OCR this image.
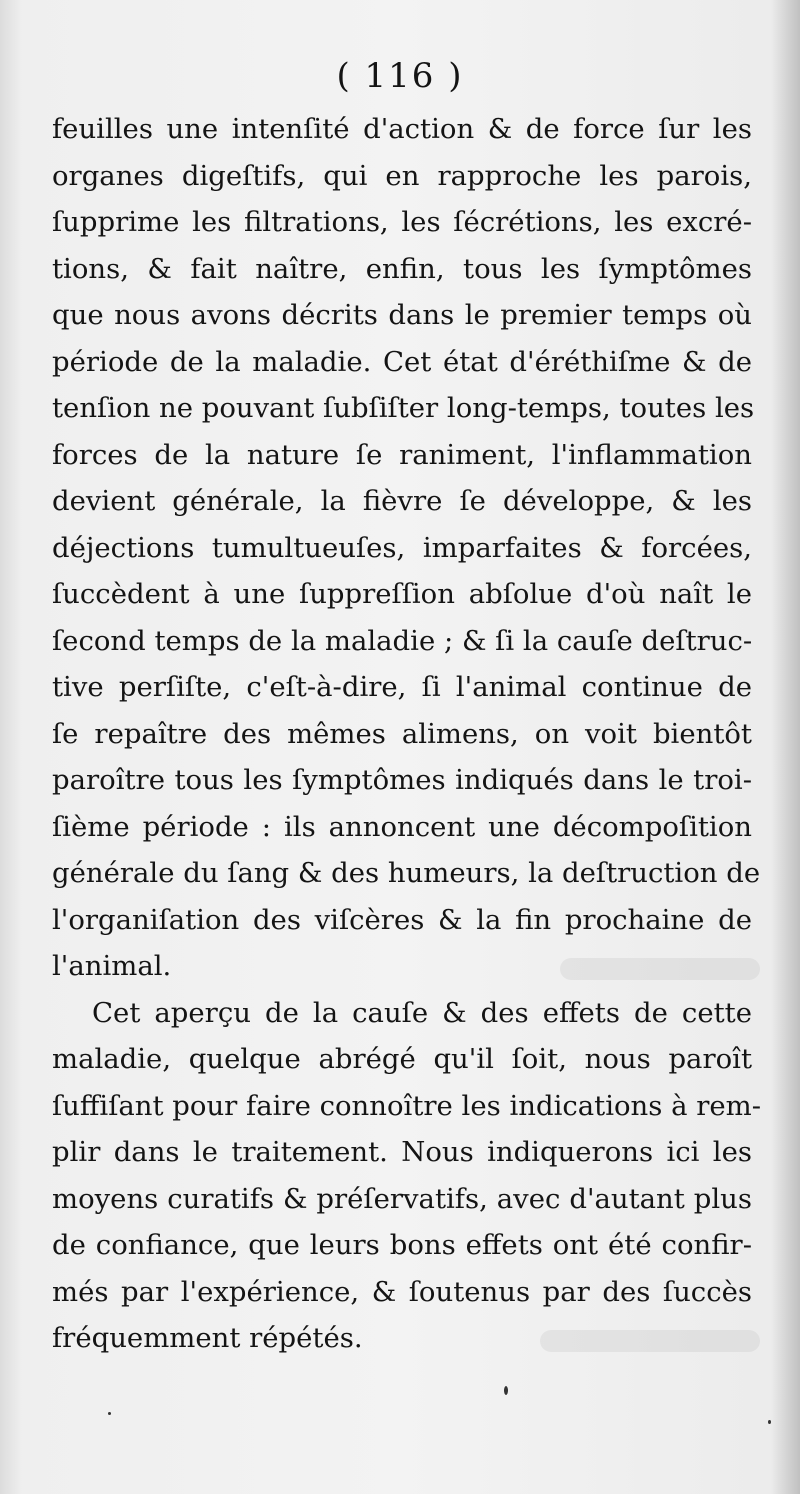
( 116 )
feuilles une intenſité d'action & de force ſur les
organes digeſtifs, qui en rapproche les parois,
ſupprime les filtrations, les ſécrétions, les excré-
tions, & fait naître, enfin, tous les ſymptômes
que nous avons décrits dans le premier temps où
période de la maladie. Cet état d'éréthiſme & de
tenſion ne pouvant ſubſiſter long-temps, toutes les
forces de la nature ſe raniment, l'inflammation
devient générale, la fièvre ſe développe, & les
déjections tumultueuſes, imparfaites & forcées,
ſuccèdent à une ſuppreſſion abſolue d'où naît le
ſecond temps de la maladie ; & ſi la cauſe deſtruc-
tive perſiſte, c'eſt-à-dire, ſi l'animal continue de
ſe repaître des mêmes alimens, on voit bientôt
paroître tous les ſymptômes indiqués dans le troi-
ſième période : ils annoncent une décompoſition
générale du ſang & des humeurs, la deſtruction de
l'organiſation des viſcères & la fin prochaine de
l'animal.
Cet aperçu de la cauſe & des effets de cette
maladie, quelque abrégé qu'il ſoit, nous paroît
ſuffiſant pour faire connoître les indications à rem-
plir dans le traitement. Nous indiquerons ici les
moyens curatifs & préſervatifs, avec d'autant plus
de confiance, que leurs bons effets ont été confir-
més par l'expérience, & ſoutenus par des ſuccès
fréquemment répétés.
